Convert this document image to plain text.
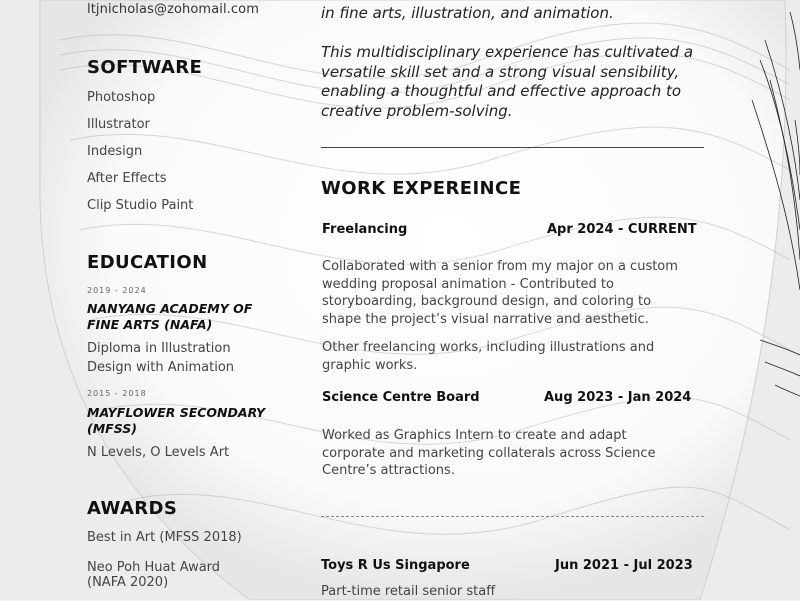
ltjnicholas@zohomail.com
SOFTWARE
Photoshop
Illustrator
Indesign
After Effects
Clip Studio Paint
EDUCATION
2019 - 2024
NANYANG ACADEMY OF FINE ARTS (NAFA)
Diploma in Illustration Design with Animation
2015 - 2018
MAYFLOWER SECONDARY (MFSS)
N Levels, O Levels Art
AWARDS
Best in Art (MFSS 2018)
Neo Poh Huat Award (NAFA 2020)
in fine arts, illustration, and animation.
This multidisciplinary experience has cultivated a versatile skill set and a strong visual sensibility, enabling a thoughtful and effective approach to creative problem-solving.
WORK EXPEREINCE
Freelancing	Apr 2024 - CURRENT
Collaborated with a senior from my major on a custom wedding proposal animation - Contributed to storyboarding, background design, and coloring to shape the project’s visual narrative and aesthetic.
Other freelancing works, including illustrations and graphic works.
Science Centre Board	Aug 2023 - Jan 2024
Worked as Graphics Intern to create and adapt corporate and marketing collaterals across Science Centre’s attractions.
Toys R Us Singapore	Jun 2021 - Jul 2023
Part-time retail senior staff
